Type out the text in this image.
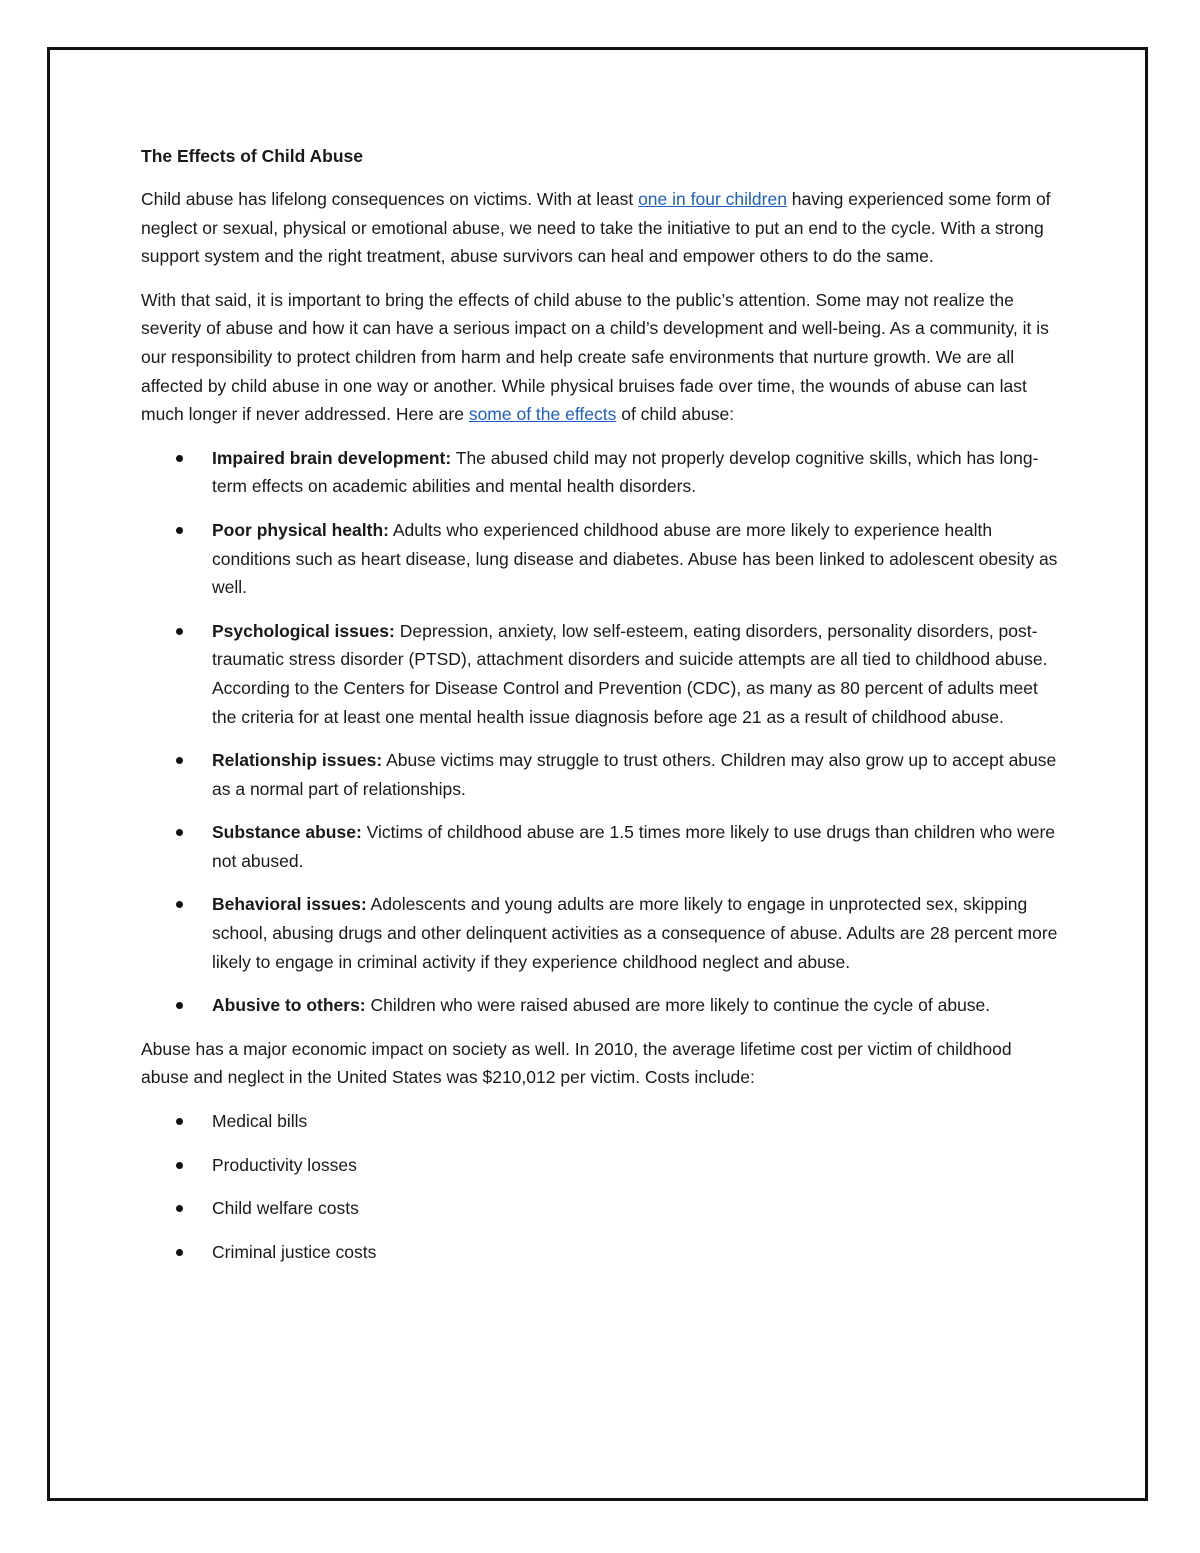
The Effects of Child Abuse

Child abuse has lifelong consequences on victims. With at least one in four children having experienced some form of neglect or sexual, physical or emotional abuse, we need to take the initiative to put an end to the cycle. With a strong support system and the right treatment, abuse survivors can heal and empower others to do the same.

With that said, it is important to bring the effects of child abuse to the public’s attention. Some may not realize the severity of abuse and how it can have a serious impact on a child’s development and well-being. As a community, it is our responsibility to protect children from harm and help create safe environments that nurture growth. We are all affected by child abuse in one way or another. While physical bruises fade over time, the wounds of abuse can last much longer if never addressed. Here are some of the effects of child abuse:

Impaired brain development: The abused child may not properly develop cognitive skills, which has long-term effects on academic abilities and mental health disorders.
Poor physical health: Adults who experienced childhood abuse are more likely to experience health conditions such as heart disease, lung disease and diabetes. Abuse has been linked to adolescent obesity as well.
Psychological issues: Depression, anxiety, low self-esteem, eating disorders, personality disorders, post-traumatic stress disorder (PTSD), attachment disorders and suicide attempts are all tied to childhood abuse. According to the Centers for Disease Control and Prevention (CDC), as many as 80 percent of adults meet the criteria for at least one mental health issue diagnosis before age 21 as a result of childhood abuse.
Relationship issues: Abuse victims may struggle to trust others. Children may also grow up to accept abuse as a normal part of relationships.
Substance abuse: Victims of childhood abuse are 1.5 times more likely to use drugs than children who were not abused.
Behavioral issues: Adolescents and young adults are more likely to engage in unprotected sex, skipping school, abusing drugs and other delinquent activities as a consequence of abuse. Adults are 28 percent more likely to engage in criminal activity if they experience childhood neglect and abuse.
Abusive to others: Children who were raised abused are more likely to continue the cycle of abuse.

Abuse has a major economic impact on society as well. In 2010, the average lifetime cost per victim of childhood abuse and neglect in the United States was $210,012 per victim. Costs include:

Medical bills
Productivity losses
Child welfare costs
Criminal justice costs
